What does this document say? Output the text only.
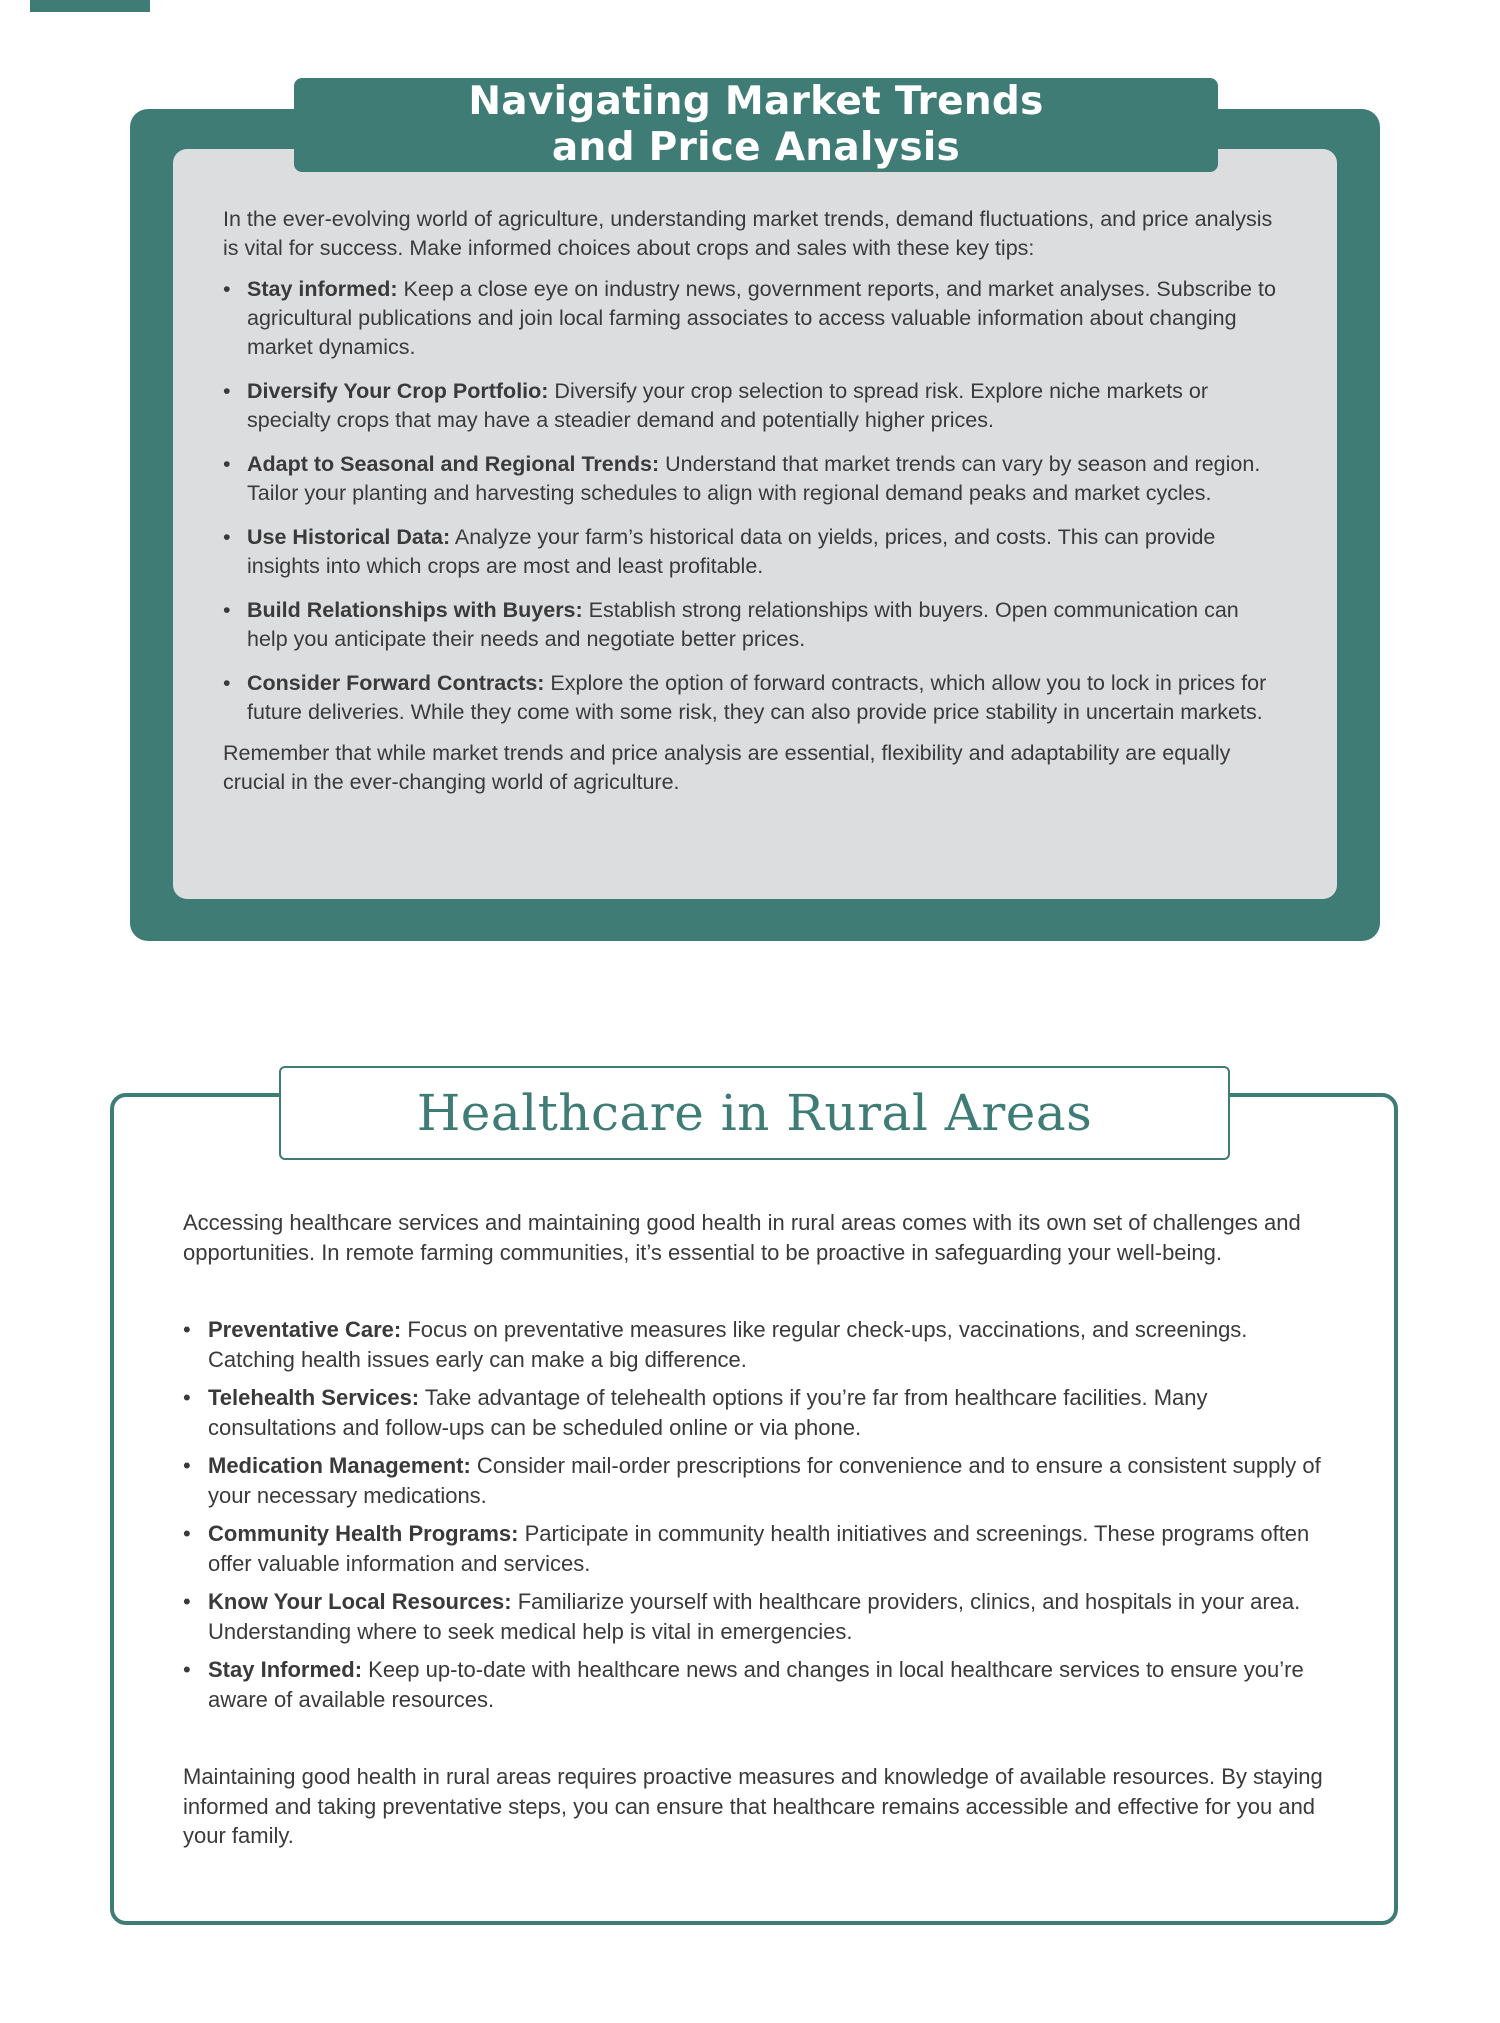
In the ever-evolving world of agriculture, understanding market trends, demand fluctuations, and price analysis is vital for success. Make informed choices about crops and sales with these key tips:

• Stay informed: Keep a close eye on industry news, government reports, and market analyses. Subscribe to agricultural publications and join local farming associates to access valuable information about changing market dynamics.
• Diversify Your Crop Portfolio: Diversify your crop selection to spread risk. Explore niche markets or specialty crops that may have a steadier demand and potentially higher prices.
• Adapt to Seasonal and Regional Trends: Understand that market trends can vary by season and region. Tailor your planting and harvesting schedules to align with regional demand peaks and market cycles.
• Use Historical Data: Analyze your farm’s historical data on yields, prices, and costs. This can provide insights into which crops are most and least profitable.
• Build Relationships with Buyers: Establish strong relationships with buyers. Open communication can help you anticipate their needs and negotiate better prices.
• Consider Forward Contracts: Explore the option of forward contracts, which allow you to lock in prices for future deliveries. While they come with some risk, they can also provide price stability in uncertain markets.

Remember that while market trends and price analysis are essential, flexibility and adaptability are equally crucial in the ever-changing world of agriculture.

Navigating Market Trends
and Price Analysis
Healthcare in Rural Areas

Accessing healthcare services and maintaining good health in rural areas comes with its own set of challenges and opportunities. In remote farming communities, it’s essential to be proactive in safeguarding your well-being.

• Preventative Care: Focus on preventative measures like regular check-ups, vaccinations, and screenings. Catching health issues early can make a big difference.
• Telehealth Services: Take advantage of telehealth options if you’re far from healthcare facilities. Many consultations and follow-ups can be scheduled online or via phone.
• Medication Management: Consider mail-order prescriptions for convenience and to ensure a consistent supply of your necessary medications.
• Community Health Programs: Participate in community health initiatives and screenings. These programs often offer valuable information and services.
• Know Your Local Resources: Familiarize yourself with healthcare providers, clinics, and hospitals in your area. Understanding where to seek medical help is vital in emergencies.
• Stay Informed: Keep up-to-date with healthcare news and changes in local healthcare services to ensure you’re aware of available resources.

Maintaining good health in rural areas requires proactive measures and knowledge of available resources. By staying informed and taking preventative steps, you can ensure that healthcare remains accessible and effective for you and your family.
